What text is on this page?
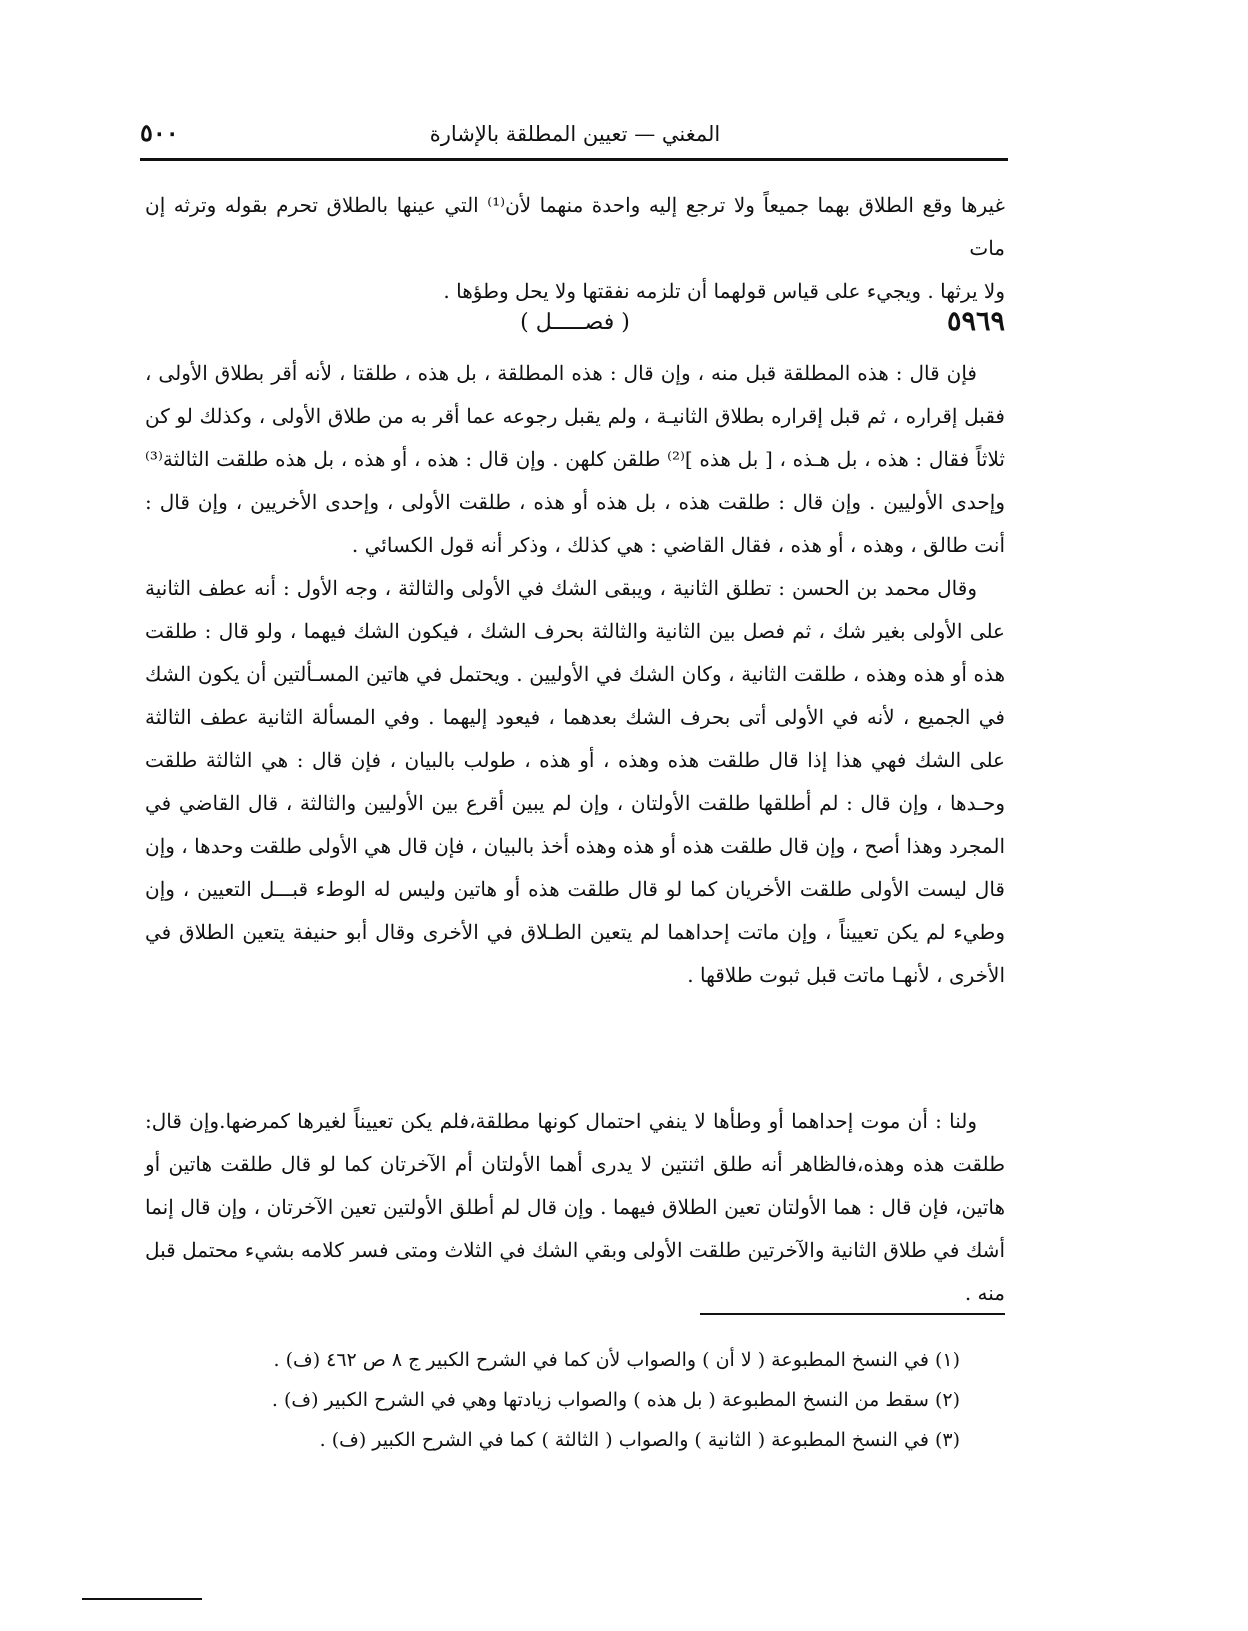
٥٠٠	المغني — تعيين المطلقة بالإشارة

غيرها وقع الطلاق بهما جميعاً ولا ترجع إليه واحدة منهما لأن⁽¹⁾ التي عينها بالطلاق تحرم بقوله وترثه إن مات

ولا يرثها . ويجيء على قياس قولهما أن تلزمه نفقتها ولا يحل وطؤها .

٥٩٦٩
( فصـــــل )

فإن قال : هذه المطلقة قبل منه ، وإن قال : هذه المطلقة ، بل هذه ، طلقتا ، لأنه أقر بطلاق الأولى ، فقبل إقراره ، ثم قبل إقراره بطلاق الثانيـة ، ولم يقبل رجوعه عما أقر به من طلاق الأولى ، وكذلك لو كن ثلاثاً فقال : هذه ، بل هـذه ، [ بل هذه ]⁽²⁾ طلقن كلهن . وإن قال : هذه ، أو هذه ، بل هذه طلقت الثالثة⁽³⁾ وإحدى الأوليين . وإن قال : طلقت هذه ، بل هذه أو هذه ، طلقت الأولى ، وإحدى الأخريين ، وإن قال : أنت طالق ، وهذه ، أو هذه ، فقال القاضي : هي كذلك ، وذكر أنه قول الكسائي .

وقال محمد بن الحسن : تطلق الثانية ، ويبقى الشك في الأولى والثالثة ، وجه الأول : أنه عطف الثانية على الأولى بغير شك ، ثم فصل بين الثانية والثالثة بحرف الشك ، فيكون الشك فيهما ، ولو قال : طلقت هذه أو هذه وهذه ، طلقت الثانية ، وكان الشك في الأوليين . ويحتمل في هاتين المسـألتين أن يكون الشك في الجميع ، لأنه في الأولى أتى بحرف الشك بعدهما ، فيعود إليهما . وفي المسألة الثانية عطف الثالثة على الشك فهي هذا إذا قال طلقت هذه وهذه ، أو هذه ، طولب بالبيان ، فإن قال : هي الثالثة طلقت وحـدها ، وإن قال : لم أطلقها طلقت الأولتان ، وإن لم يبين أقرع بين الأوليين والثالثة ، قال القاضي في المجرد وهذا أصح ، وإن قال طلقت هذه أو هذه وهذه أخذ بالبيان ، فإن قال هي الأولى طلقت وحدها ، وإن قال ليست الأولى طلقت الأخريان كما لو قال طلقت هذه أو هاتين وليس له الوطء قبـــل التعيين ، وإن وطيء لم يكن تعييناً ، وإن ماتت إحداهما لم يتعين الطـلاق في الأخرى وقال أبو حنيفة يتعين الطلاق في الأخرى ، لأنهـا ماتت قبل ثبوت طلاقها .

ولنا : أن موت إحداهما أو وطأها لا ينفي احتمال كونها مطلقة،فلم يكن تعييناً لغيرها كمرضها.وإن قال: طلقت هذه وهذه،فالظاهر أنه طلق اثنتين لا يدرى أهما الأولتان أم الآخرتان كما لو قال طلقت هاتين أو هاتين، فإن قال : هما الأولتان تعين الطلاق فيهما . وإن قال لم أطلق الأولتين تعين الآخرتان ، وإن قال إنما أشك في طلاق الثانية والآخرتين طلقت الأولى وبقي الشك في الثلاث ومتى فسر كلامه بشيء محتمل قبل منه .

(١) في النسخ المطبوعة ( لا أن ) والصواب لأن كما في الشرح الكبير ج ٨ ص ٤٦٢ (ف) .

(٢) سقط من النسخ المطبوعة ( بل هذه ) والصواب زيادتها وهي في الشرح الكبير (ف) .

(٣) في النسخ المطبوعة ( الثانية ) والصواب ( الثالثة ) كما في الشرح الكبير (ف) .
